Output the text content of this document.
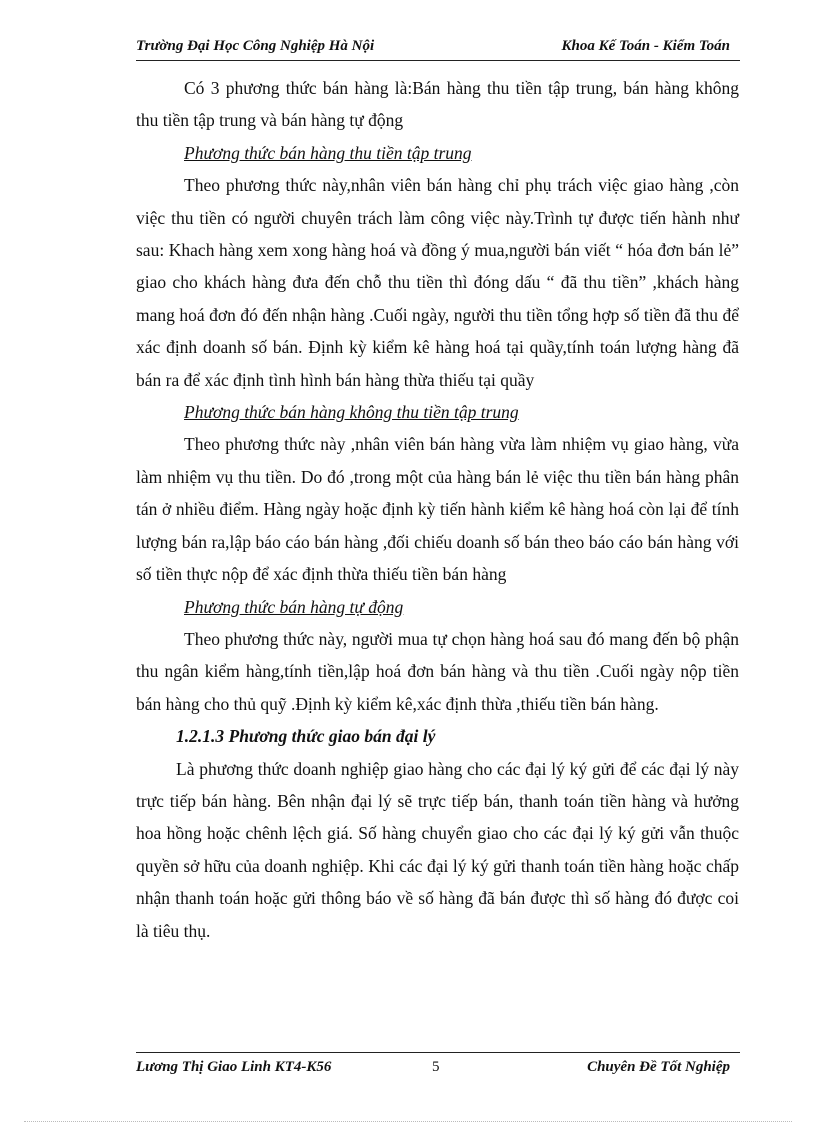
Trường Đại Học Công Nghiệp Hà Nội	Khoa Kế Toán - Kiểm Toán

Có 3 phương thức bán hàng là:Bán hàng thu tiền tập trung, bán hàng không thu tiền tập trung và bán hàng tự động

Phương thức bán hàng thu tiền tập trung

Theo phương thức này,nhân viên bán hàng chỉ phụ trách việc giao hàng ,còn việc thu tiền có người chuyên trách làm công việc này.Trình tự được tiến hành như sau: Khach hàng xem xong hàng hoá và đồng ý mua,người bán viết “ hóa đơn bán lẻ” giao cho khách hàng đưa đến chỗ thu tiền thì đóng dấu “ đã thu tiền” ,khách hàng mang hoá đơn đó đến nhận hàng .Cuối ngày, người thu tiền tổng hợp số tiền đã thu để xác định doanh số bán. Định kỳ kiểm kê hàng hoá tại quầy,tính toán lượng hàng đã bán ra để xác định tình hình bán hàng thừa thiếu tại quầy

Phương thức bán hàng không thu tiền tập trung

Theo phương thức này ,nhân viên bán hàng vừa làm nhiệm vụ giao hàng, vừa làm nhiệm vụ thu tiền. Do đó ,trong một của hàng bán lẻ việc thu tiền bán hàng phân tán ở nhiều điểm. Hàng ngày hoặc định kỳ tiến hành kiểm kê hàng hoá còn lại để tính lượng bán ra,lập báo cáo bán hàng ,đối chiếu doanh số bán theo báo cáo bán hàng với số tiền thực nộp để xác định thừa thiếu tiền bán hàng

Phương thức bán hàng tự động

Theo phương thức này, người mua tự chọn hàng hoá sau đó mang đến bộ phận thu ngân kiểm hàng,tính tiền,lập hoá đơn bán hàng và thu tiền .Cuối ngày nộp tiền bán hàng cho thủ quỹ .Định kỳ kiểm kê,xác định thừa ,thiếu tiền bán hàng.

1.2.1.3 Phương thức giao bán đại lý

Là phương thức doanh nghiệp giao hàng cho các đại lý ký gửi để các đại lý này trực tiếp bán hàng. Bên nhận đại lý sẽ trực tiếp bán, thanh toán tiền hàng và hưởng hoa hồng hoặc chênh lệch giá. Số hàng chuyển giao cho các đại lý ký gửi vẫn thuộc quyền sở hữu của doanh nghiệp. Khi các đại lý ký gửi thanh toán tiền hàng hoặc chấp nhận thanh toán hoặc gửi thông báo về số hàng đã bán được thì số hàng đó được coi là tiêu thụ.

Lương Thị Giao Linh KT4-K56	5	Chuyên Đề Tốt Nghiệp
